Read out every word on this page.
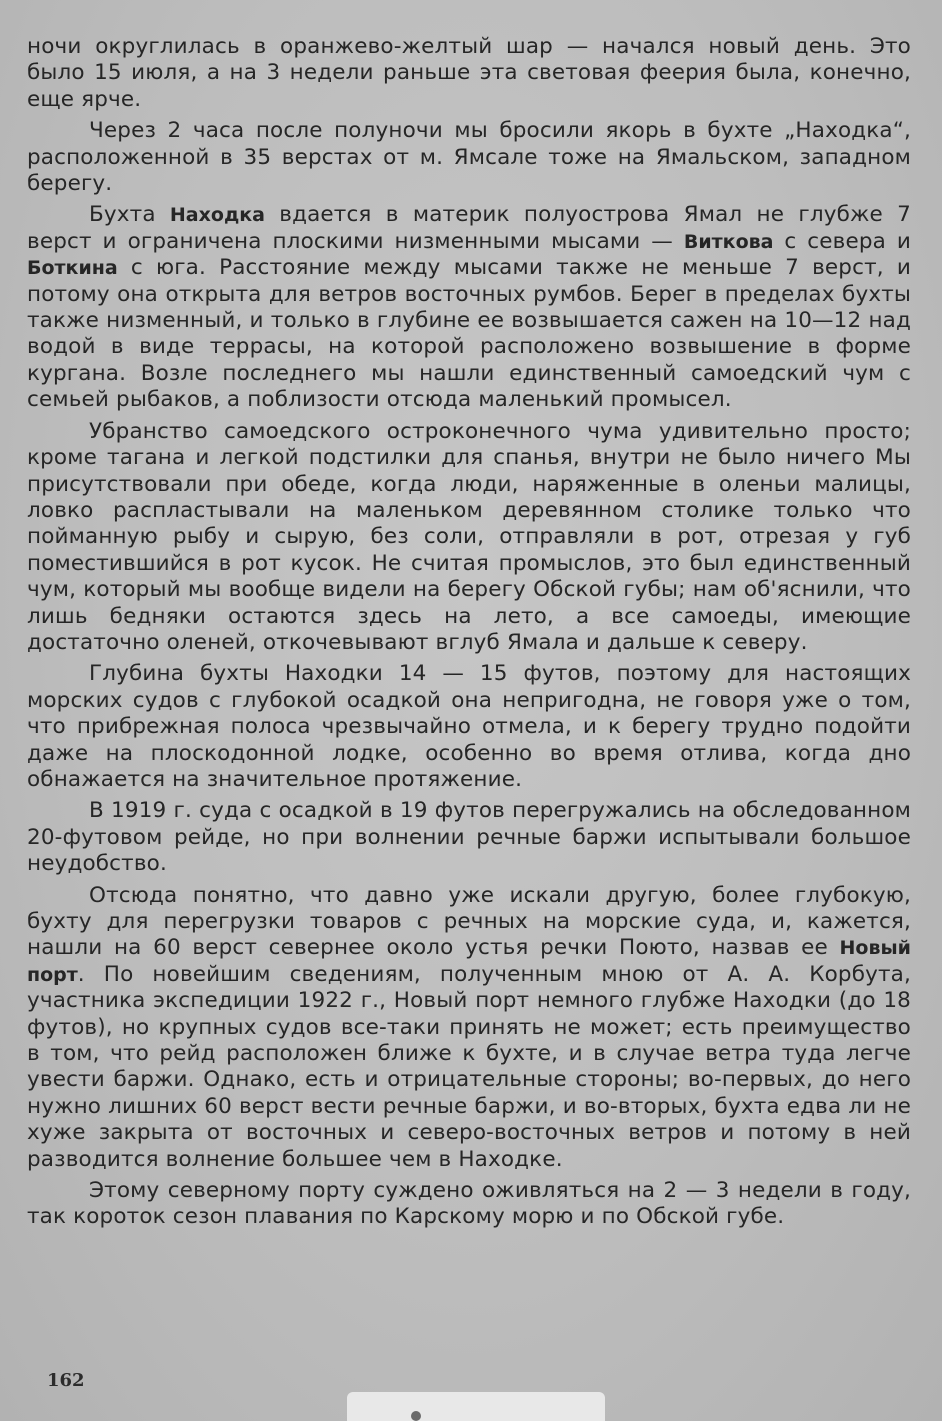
ночи округлилась в оранжево-желтый шар — начался новый день. Это было 15 июля, а на 3 недели раньше эта световая феерия была, конечно, еще ярче.

Через 2 часа после полуночи мы бросили якорь в бухте „Находка“, расположенной в 35 верстах от м. Ямсале тоже на Ямальском, западном берегу.

Бухта Находка вдается в материк полуострова Ямал не глубже 7 верст и ограничена плоскими низменными мысами — Виткова с севера и Боткина с юга. Расстояние между мысами также не меньше 7 верст, и потому она открыта для ветров восточных румбов. Берег в пределах бухты также низменный, и только в глубине ее возвышается сажен на 10—12 над водой в виде террасы, на которой расположено возвышение в форме кургана. Возле последнего мы нашли единственный самоедский чум с семьей рыбаков, а поблизости отсюда маленький промысел.

Убранство самоедского остроконечного чума удивительно просто; кроме тагана и легкой подстилки для спанья, внутри не было ничего Мы присутствовали при обеде, когда люди, наряженные в оленьи малицы, ловко распластывали на маленьком деревянном столике только что пойманную рыбу и сырую, без соли, отправляли в рот, отрезая у губ поместившийся в рот кусок. Не считая промыслов, это был единственный чум, который мы вообще видели на берегу Обской губы; нам об'яснили, что лишь бедняки остаются здесь на лето, а все самоеды, имеющие достаточно оленей, откочевывают вглуб Ямала и дальше к северу.

Глубина бухты Находки 14 — 15 футов, поэтому для настоящих морских судов с глубокой осадкой она непригодна, не говоря уже о том, что прибрежная полоса чрезвычайно отмела, и к берегу трудно подойти даже на плоскодонной лодке, особенно во время отлива, когда дно обнажается на значительное протяжение.

В 1919 г. суда с осадкой в 19 футов перегружались на обследованном 20-футовом рейде, но при волнении речные баржи испытывали большое неудобство.

Отсюда понятно, что давно уже искали другую, более глубокую, бухту для перегрузки товаров с речных на морские суда, и, кажется, нашли на 60 верст севернее около устья речки Поюто, назвав ее Новый порт. По новейшим сведениям, полученным мною от А. А. Корбута, участника экспедиции 1922 г., Новый порт немного глубже Находки (до 18 футов), но крупных судов все-таки принять не может; есть преимущество в том, что рейд расположен ближе к бухте, и в случае ветра туда легче увести баржи. Однако, есть и отрицательные стороны; во-первых, до него нужно лишних 60 верст вести речные баржи, и во-вторых, бухта едва ли не хуже закрыта от восточных и северо-восточных ветров и потому в ней разводится волнение большее чем в Находке.

Этому северному порту суждено оживляться на 2 — 3 недели в году, так короток сезон плавания по Карскому морю и по Обской губе.

162
